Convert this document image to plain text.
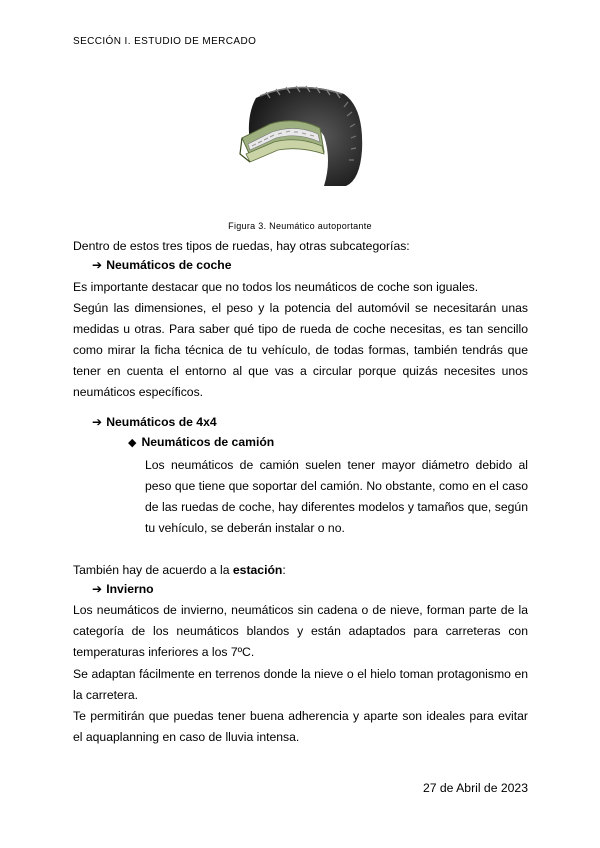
SECCIÓN I. ESTUDIO DE MERCADO
Figura 3. Neumático autoportante
Dentro de estos tres tipos de ruedas, hay otras subcategorías:
➔ Neumáticos de coche
Es importante destacar que no todos los neumáticos de coche son iguales.
Según las dimensiones, el peso y la potencia del automóvil se necesitarán unas medidas u otras. Para saber qué tipo de rueda de coche necesitas, es tan sencillo como mirar la ficha técnica de tu vehículo, de todas formas, también tendrás que tener en cuenta el entorno al que vas a circular porque quizás necesites unos neumáticos específicos.
➔ Neumáticos de 4x4
◆ Neumáticos de camión
Los neumáticos de camión suelen tener mayor diámetro debido al peso que tiene que soportar del camión. No obstante, como en el caso de las ruedas de coche, hay diferentes modelos y tamaños que, según tu vehículo, se deberán instalar o no.
También hay de acuerdo a la estación:
➔ Invierno
Los neumáticos de invierno, neumáticos sin cadena o de nieve, forman parte de la categoría de los neumáticos blandos y están adaptados para carreteras con temperaturas inferiores a los 7ºC.
Se adaptan fácilmente en terrenos donde la nieve o el hielo toman protagonismo en la carretera.
Te permitirán que puedas tener buena adherencia y aparte son ideales para evitar el aquaplanning en caso de lluvia intensa.
27 de Abril de 2023
